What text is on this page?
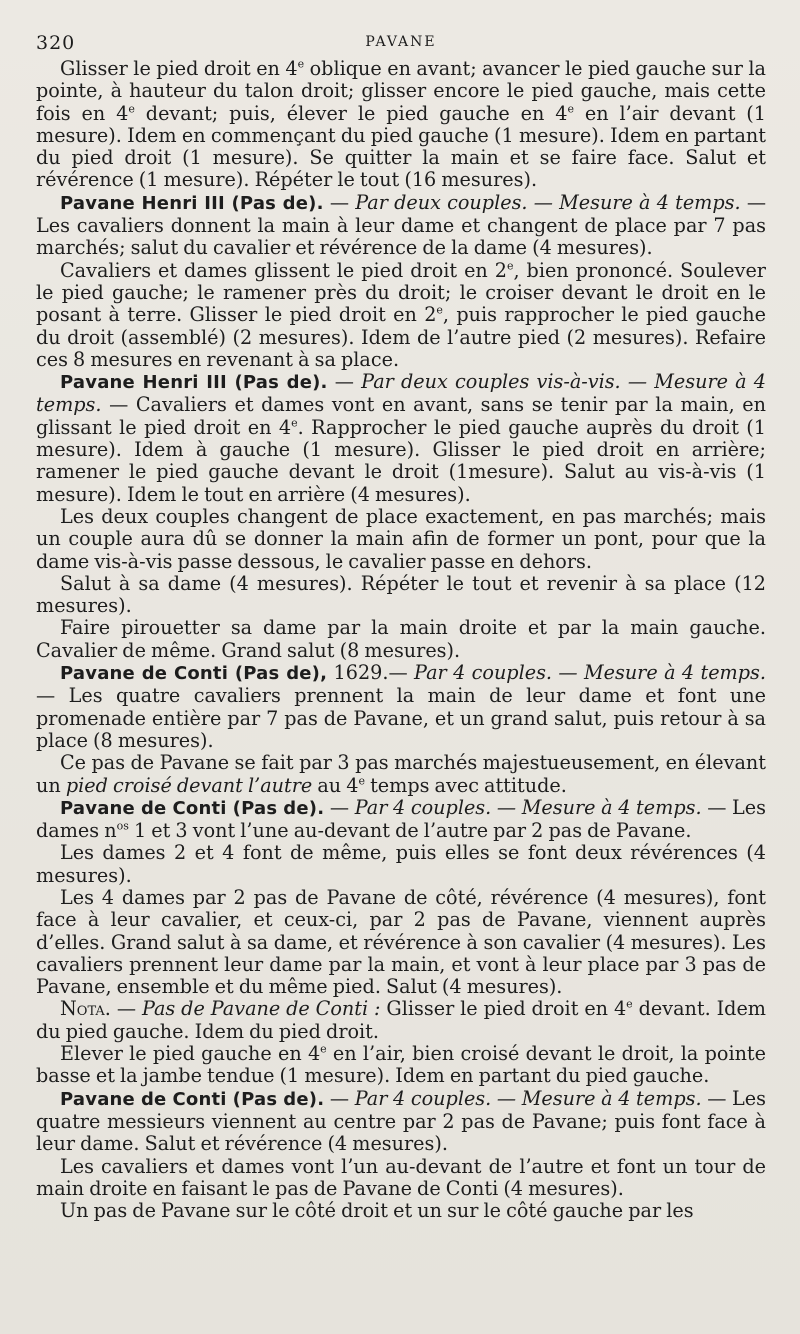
320	PAVANE

Glisser le pied droit en 4e oblique en avant; avancer le pied gauche sur la pointe, à hauteur du talon droit; glisser encore le pied gauche, mais cette fois en 4e devant; puis, élever le pied gauche en 4e en l’air devant (1 mesure). Idem en commençant du pied gauche (1 mesure). Idem en partant du pied droit (1 mesure). Se quitter la main et se faire face. Salut et révérence (1 mesure). Répéter le tout (16 mesures).

Pavane Henri III (Pas de). — Par deux couples. — Mesure à 4 temps. — Les cavaliers donnent la main à leur dame et changent de place par 7 pas marchés; salut du cavalier et révérence de la dame (4 mesures).

Cavaliers et dames glissent le pied droit en 2e, bien prononcé. Soulever le pied gauche; le ramener près du droit; le croiser devant le droit en le posant à terre. Glisser le pied droit en 2e, puis rapprocher le pied gauche du droit (assemblé) (2 mesures). Idem de l’autre pied (2 mesures). Refaire ces 8 mesures en revenant à sa place.

Pavane Henri III (Pas de). — Par deux couples vis-à-vis. — Mesure à 4 temps. — Cavaliers et dames vont en avant, sans se tenir par la main, en glissant le pied droit en 4e. Rapprocher le pied gauche auprès du droit (1 mesure). Idem à gauche (1 mesure). Glisser le pied droit en arrière; ramener le pied gauche devant le droit (1mesure). Salut au vis-à-vis (1 mesure). Idem le tout en arrière (4 mesures).

Les deux couples changent de place exactement, en pas marchés; mais un couple aura dû se donner la main afin de former un pont, pour que la dame vis-à-vis passe dessous, le cavalier passe en dehors.

Salut à sa dame (4 mesures). Répéter le tout et revenir à sa place (12 mesures).

Faire pirouetter sa dame par la main droite et par la main gauche. Cavalier de même. Grand salut (8 mesures).

Pavane de Conti (Pas de), 1629.— Par 4 couples. — Mesure à 4 temps. — Les quatre cavaliers prennent la main de leur dame et font une promenade entière par 7 pas de Pavane, et un grand salut, puis retour à sa place (8 mesures).

Ce pas de Pavane se fait par 3 pas marchés majestueusement, en élevant un pied croisé devant l’autre au 4e temps avec attitude.

Pavane de Conti (Pas de). — Par 4 couples. — Mesure à 4 temps. — Les dames $n^{os}$ 1 et 3 vont l’une au-devant de l’autre par 2 pas de Pavane.

Les dames 2 et 4 font de même, puis elles se font deux révérences (4 mesures).

Les 4 dames par 2 pas de Pavane de côté, révérence (4 mesures), font face à leur cavalier, et ceux-ci, par 2 pas de Pavane, viennent auprès d’elles. Grand salut à sa dame, et révérence à son cavalier (4 mesures). Les cavaliers prennent leur dame par la main, et vont à leur place par 3 pas de Pavane, ensemble et du même pied. Salut (4 mesures).

Nota. — Pas de Pavane de Conti : Glisser le pied droit en 4e devant. Idem du pied gauche. Idem du pied droit.

Elever le pied gauche en 4e en l’air, bien croisé devant le droit, la pointe basse et la jambe tendue (1 mesure). Idem en partant du pied gauche.

Pavane de Conti (Pas de). — Par 4 couples. — Mesure à 4 temps. — Les quatre messieurs viennent au centre par 2 pas de Pavane; puis font face à leur dame. Salut et révérence (4 mesures).

Les cavaliers et dames vont l’un au-devant de l’autre et font un tour de main droite en faisant le pas de Pavane de Conti (4 mesures).

Un pas de Pavane sur le côté droit et un sur le côté gauche par les
